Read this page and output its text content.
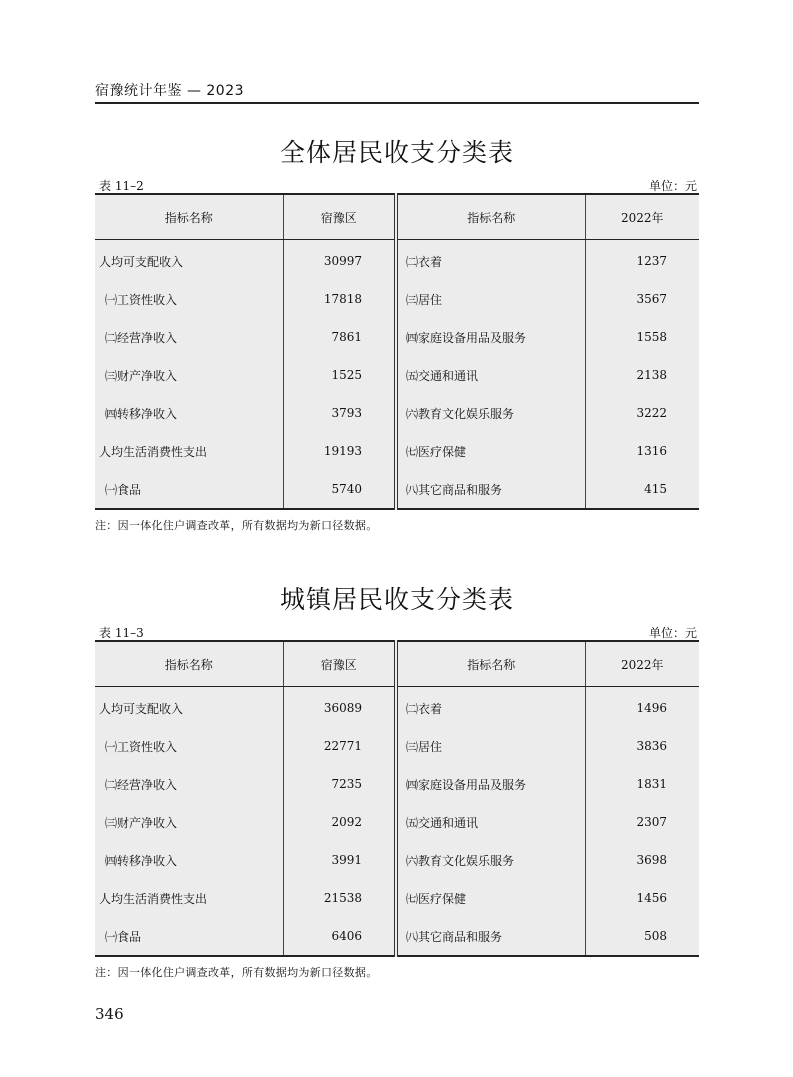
宿豫统计年鉴 — 2023
全体居民收支分类表
表 11–2	单位：元
指标名称	宿豫区	指标名称	2022年
人均可支配收入	30997	㈡衣着	1237
㈠工资性收入	17818	㈢居住	3567
㈡经营净收入	7861	㈣家庭设备用品及服务	1558
㈢财产净收入	1525	㈤交通和通讯	2138
㈣转移净收入	3793	㈥教育文化娱乐服务	3222
人均生活消费性支出	19193	㈦医疗保健	1316
㈠食品	5740	㈧其它商品和服务	415
注：因一体化住户调查改革，所有数据均为新口径数据。
城镇居民收支分类表
表 11–3	单位：元
指标名称	宿豫区	指标名称	2022年
人均可支配收入	36089	㈡衣着	1496
㈠工资性收入	22771	㈢居住	3836
㈡经营净收入	7235	㈣家庭设备用品及服务	1831
㈢财产净收入	2092	㈤交通和通讯	2307
㈣转移净收入	3991	㈥教育文化娱乐服务	3698
人均生活消费性支出	21538	㈦医疗保健	1456
㈠食品	6406	㈧其它商品和服务	508
注：因一体化住户调查改革，所有数据均为新口径数据。
346
